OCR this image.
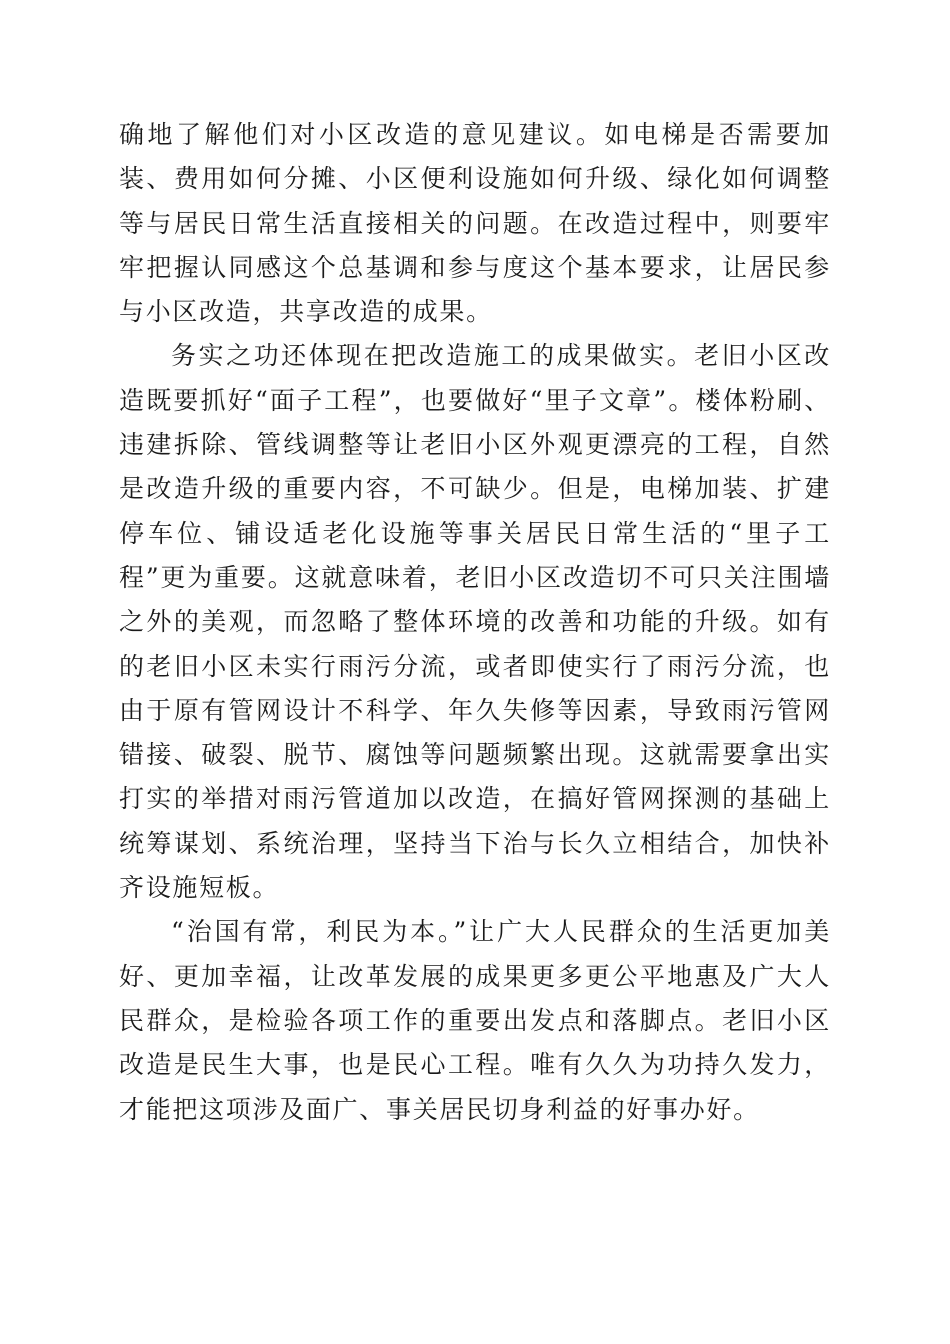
确地了解他们对小区改造的意见建议。如电梯是否需要加装、费用如何分摊、小区便利设施如何升级、绿化如何调整等与居民日常生活直接相关的问题。在改造过程中，则要牢牢把握认同感这个总基调和参与度这个基本要求，让居民参与小区改造，共享改造的成果。

务实之功还体现在把改造施工的成果做实。老旧小区改造既要抓好“面子工程”，也要做好“里子文章”。楼体粉刷、违建拆除、管线调整等让老旧小区外观更漂亮的工程，自然是改造升级的重要内容，不可缺少。但是，电梯加装、扩建停车位、铺设适老化设施等事关居民日常生活的“里子工程”更为重要。这就意味着，老旧小区改造切不可只关注围墙之外的美观，而忽略了整体环境的改善和功能的升级。如有的老旧小区未实行雨污分流，或者即使实行了雨污分流，也由于原有管网设计不科学、年久失修等因素，导致雨污管网错接、破裂、脱节、腐蚀等问题频繁出现。这就需要拿出实打实的举措对雨污管道加以改造，在搞好管网探测的基础上统筹谋划、系统治理，坚持当下治与长久立相结合，加快补齐设施短板。

“治国有常，利民为本。”让广大人民群众的生活更加美好、更加幸福，让改革发展的成果更多更公平地惠及广大人民群众，是检验各项工作的重要出发点和落脚点。老旧小区改造是民生大事，也是民心工程。唯有久久为功持久发力，才能把这项涉及面广、事关居民切身利益的好事办好。
